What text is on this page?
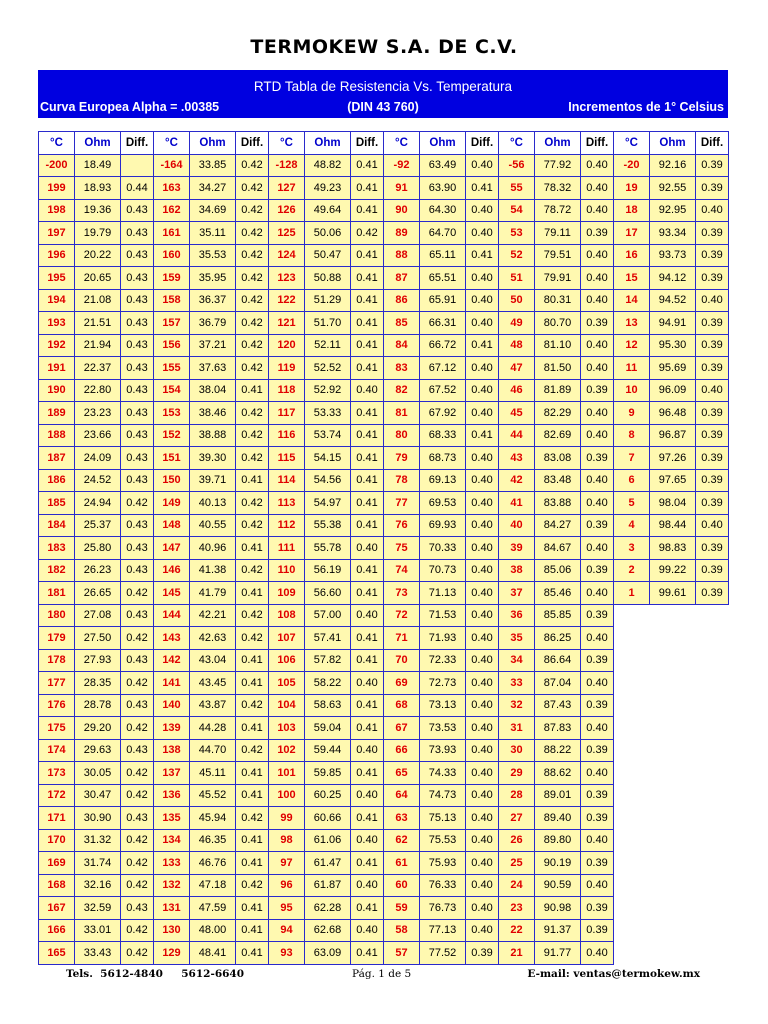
TERMOKEW S.A. DE C.V.
RTD Tabla de Resistencia Vs. Temperatura
Curva Europea Alpha = .00385	(DIN 43 760)	Incrementos de 1° Celsius
°C	Ohm	Diff.	°C	Ohm	Diff.	°C	Ohm	Diff.	°C	Ohm	Diff.	°C	Ohm	Diff.	°C	Ohm	Diff.
-200	18.49		-164	33.85	0.42	-128	48.82	0.41	-92	63.49	0.40	-56	77.92	0.40	-20	92.16	0.39
199	18.93	0.44	163	34.27	0.42	127	49.23	0.41	91	63.90	0.41	55	78.32	0.40	19	92.55	0.39
198	19.36	0.43	162	34.69	0.42	126	49.64	0.41	90	64.30	0.40	54	78.72	0.40	18	92.95	0.40
197	19.79	0.43	161	35.11	0.42	125	50.06	0.42	89	64.70	0.40	53	79.11	0.39	17	93.34	0.39
196	20.22	0.43	160	35.53	0.42	124	50.47	0.41	88	65.11	0.41	52	79.51	0.40	16	93.73	0.39
195	20.65	0.43	159	35.95	0.42	123	50.88	0.41	87	65.51	0.40	51	79.91	0.40	15	94.12	0.39
194	21.08	0.43	158	36.37	0.42	122	51.29	0.41	86	65.91	0.40	50	80.31	0.40	14	94.52	0.40
193	21.51	0.43	157	36.79	0.42	121	51.70	0.41	85	66.31	0.40	49	80.70	0.39	13	94.91	0.39
192	21.94	0.43	156	37.21	0.42	120	52.11	0.41	84	66.72	0.41	48	81.10	0.40	12	95.30	0.39
191	22.37	0.43	155	37.63	0.42	119	52.52	0.41	83	67.12	0.40	47	81.50	0.40	11	95.69	0.39
190	22.80	0.43	154	38.04	0.41	118	52.92	0.40	82	67.52	0.40	46	81.89	0.39	10	96.09	0.40
189	23.23	0.43	153	38.46	0.42	117	53.33	0.41	81	67.92	0.40	45	82.29	0.40	9	96.48	0.39
188	23.66	0.43	152	38.88	0.42	116	53.74	0.41	80	68.33	0.41	44	82.69	0.40	8	96.87	0.39
187	24.09	0.43	151	39.30	0.42	115	54.15	0.41	79	68.73	0.40	43	83.08	0.39	7	97.26	0.39
186	24.52	0.43	150	39.71	0.41	114	54.56	0.41	78	69.13	0.40	42	83.48	0.40	6	97.65	0.39
185	24.94	0.42	149	40.13	0.42	113	54.97	0.41	77	69.53	0.40	41	83.88	0.40	5	98.04	0.39
184	25.37	0.43	148	40.55	0.42	112	55.38	0.41	76	69.93	0.40	40	84.27	0.39	4	98.44	0.40
183	25.80	0.43	147	40.96	0.41	111	55.78	0.40	75	70.33	0.40	39	84.67	0.40	3	98.83	0.39
182	26.23	0.43	146	41.38	0.42	110	56.19	0.41	74	70.73	0.40	38	85.06	0.39	2	99.22	0.39
181	26.65	0.42	145	41.79	0.41	109	56.60	0.41	73	71.13	0.40	37	85.46	0.40	1	99.61	0.39
180	27.08	0.43	144	42.21	0.42	108	57.00	0.40	72	71.53	0.40	36	85.85	0.39			
179	27.50	0.42	143	42.63	0.42	107	57.41	0.41	71	71.93	0.40	35	86.25	0.40			
178	27.93	0.43	142	43.04	0.41	106	57.82	0.41	70	72.33	0.40	34	86.64	0.39			
177	28.35	0.42	141	43.45	0.41	105	58.22	0.40	69	72.73	0.40	33	87.04	0.40			
176	28.78	0.43	140	43.87	0.42	104	58.63	0.41	68	73.13	0.40	32	87.43	0.39			
175	29.20	0.42	139	44.28	0.41	103	59.04	0.41	67	73.53	0.40	31	87.83	0.40			
174	29.63	0.43	138	44.70	0.42	102	59.44	0.40	66	73.93	0.40	30	88.22	0.39			
173	30.05	0.42	137	45.11	0.41	101	59.85	0.41	65	74.33	0.40	29	88.62	0.40			
172	30.47	0.42	136	45.52	0.41	100	60.25	0.40	64	74.73	0.40	28	89.01	0.39			
171	30.90	0.43	135	45.94	0.42	99	60.66	0.41	63	75.13	0.40	27	89.40	0.39			
170	31.32	0.42	134	46.35	0.41	98	61.06	0.40	62	75.53	0.40	26	89.80	0.40			
169	31.74	0.42	133	46.76	0.41	97	61.47	0.41	61	75.93	0.40	25	90.19	0.39			
168	32.16	0.42	132	47.18	0.42	96	61.87	0.40	60	76.33	0.40	24	90.59	0.40			
167	32.59	0.43	131	47.59	0.41	95	62.28	0.41	59	76.73	0.40	23	90.98	0.39			
166	33.01	0.42	130	48.00	0.41	94	62.68	0.40	58	77.13	0.40	22	91.37	0.39			
165	33.43	0.42	129	48.41	0.41	93	63.09	0.41	57	77.52	0.39	21	91.77	0.40			
Tels.  5612-4840     5612-6640	Pág. 1 de 5	E-mail: ventas@termokew.mx
